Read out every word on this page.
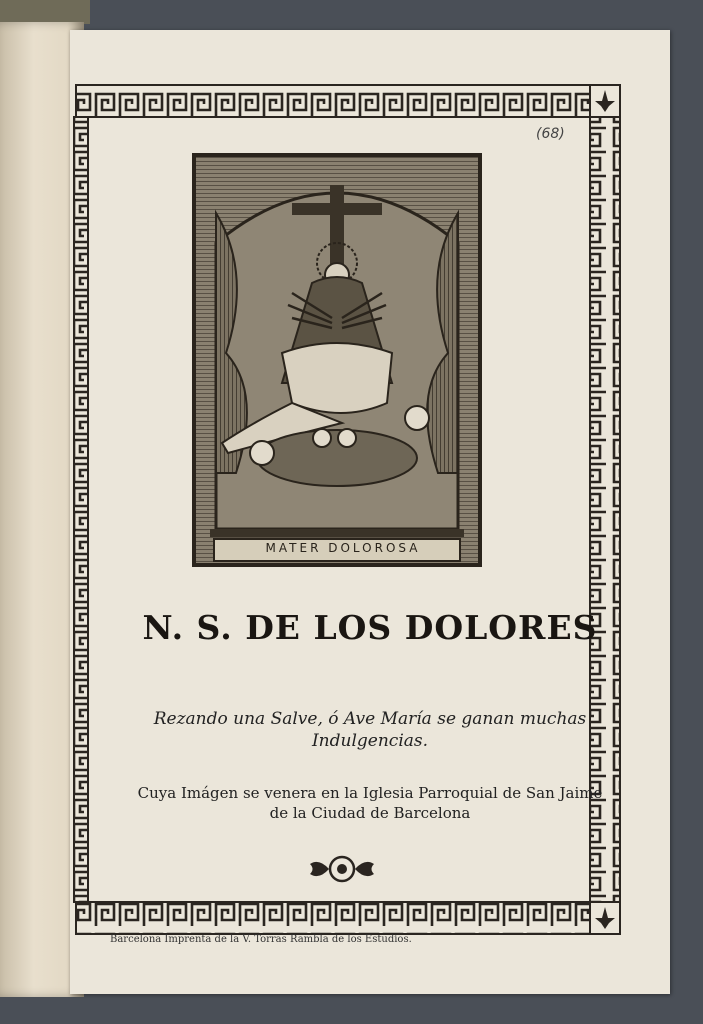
(68)
MATER DOLOROSA
N. S. DE LOS DOLORES
Rezando una Salve, ó Ave María se ganan muchas
Indulgencias.
Cuya Imágen se venera en la Iglesia Parroquial de San Jaime
de la Ciudad de Barcelona
Barcelona Imprenta de la V. Torras Rambla de los Estudios.
